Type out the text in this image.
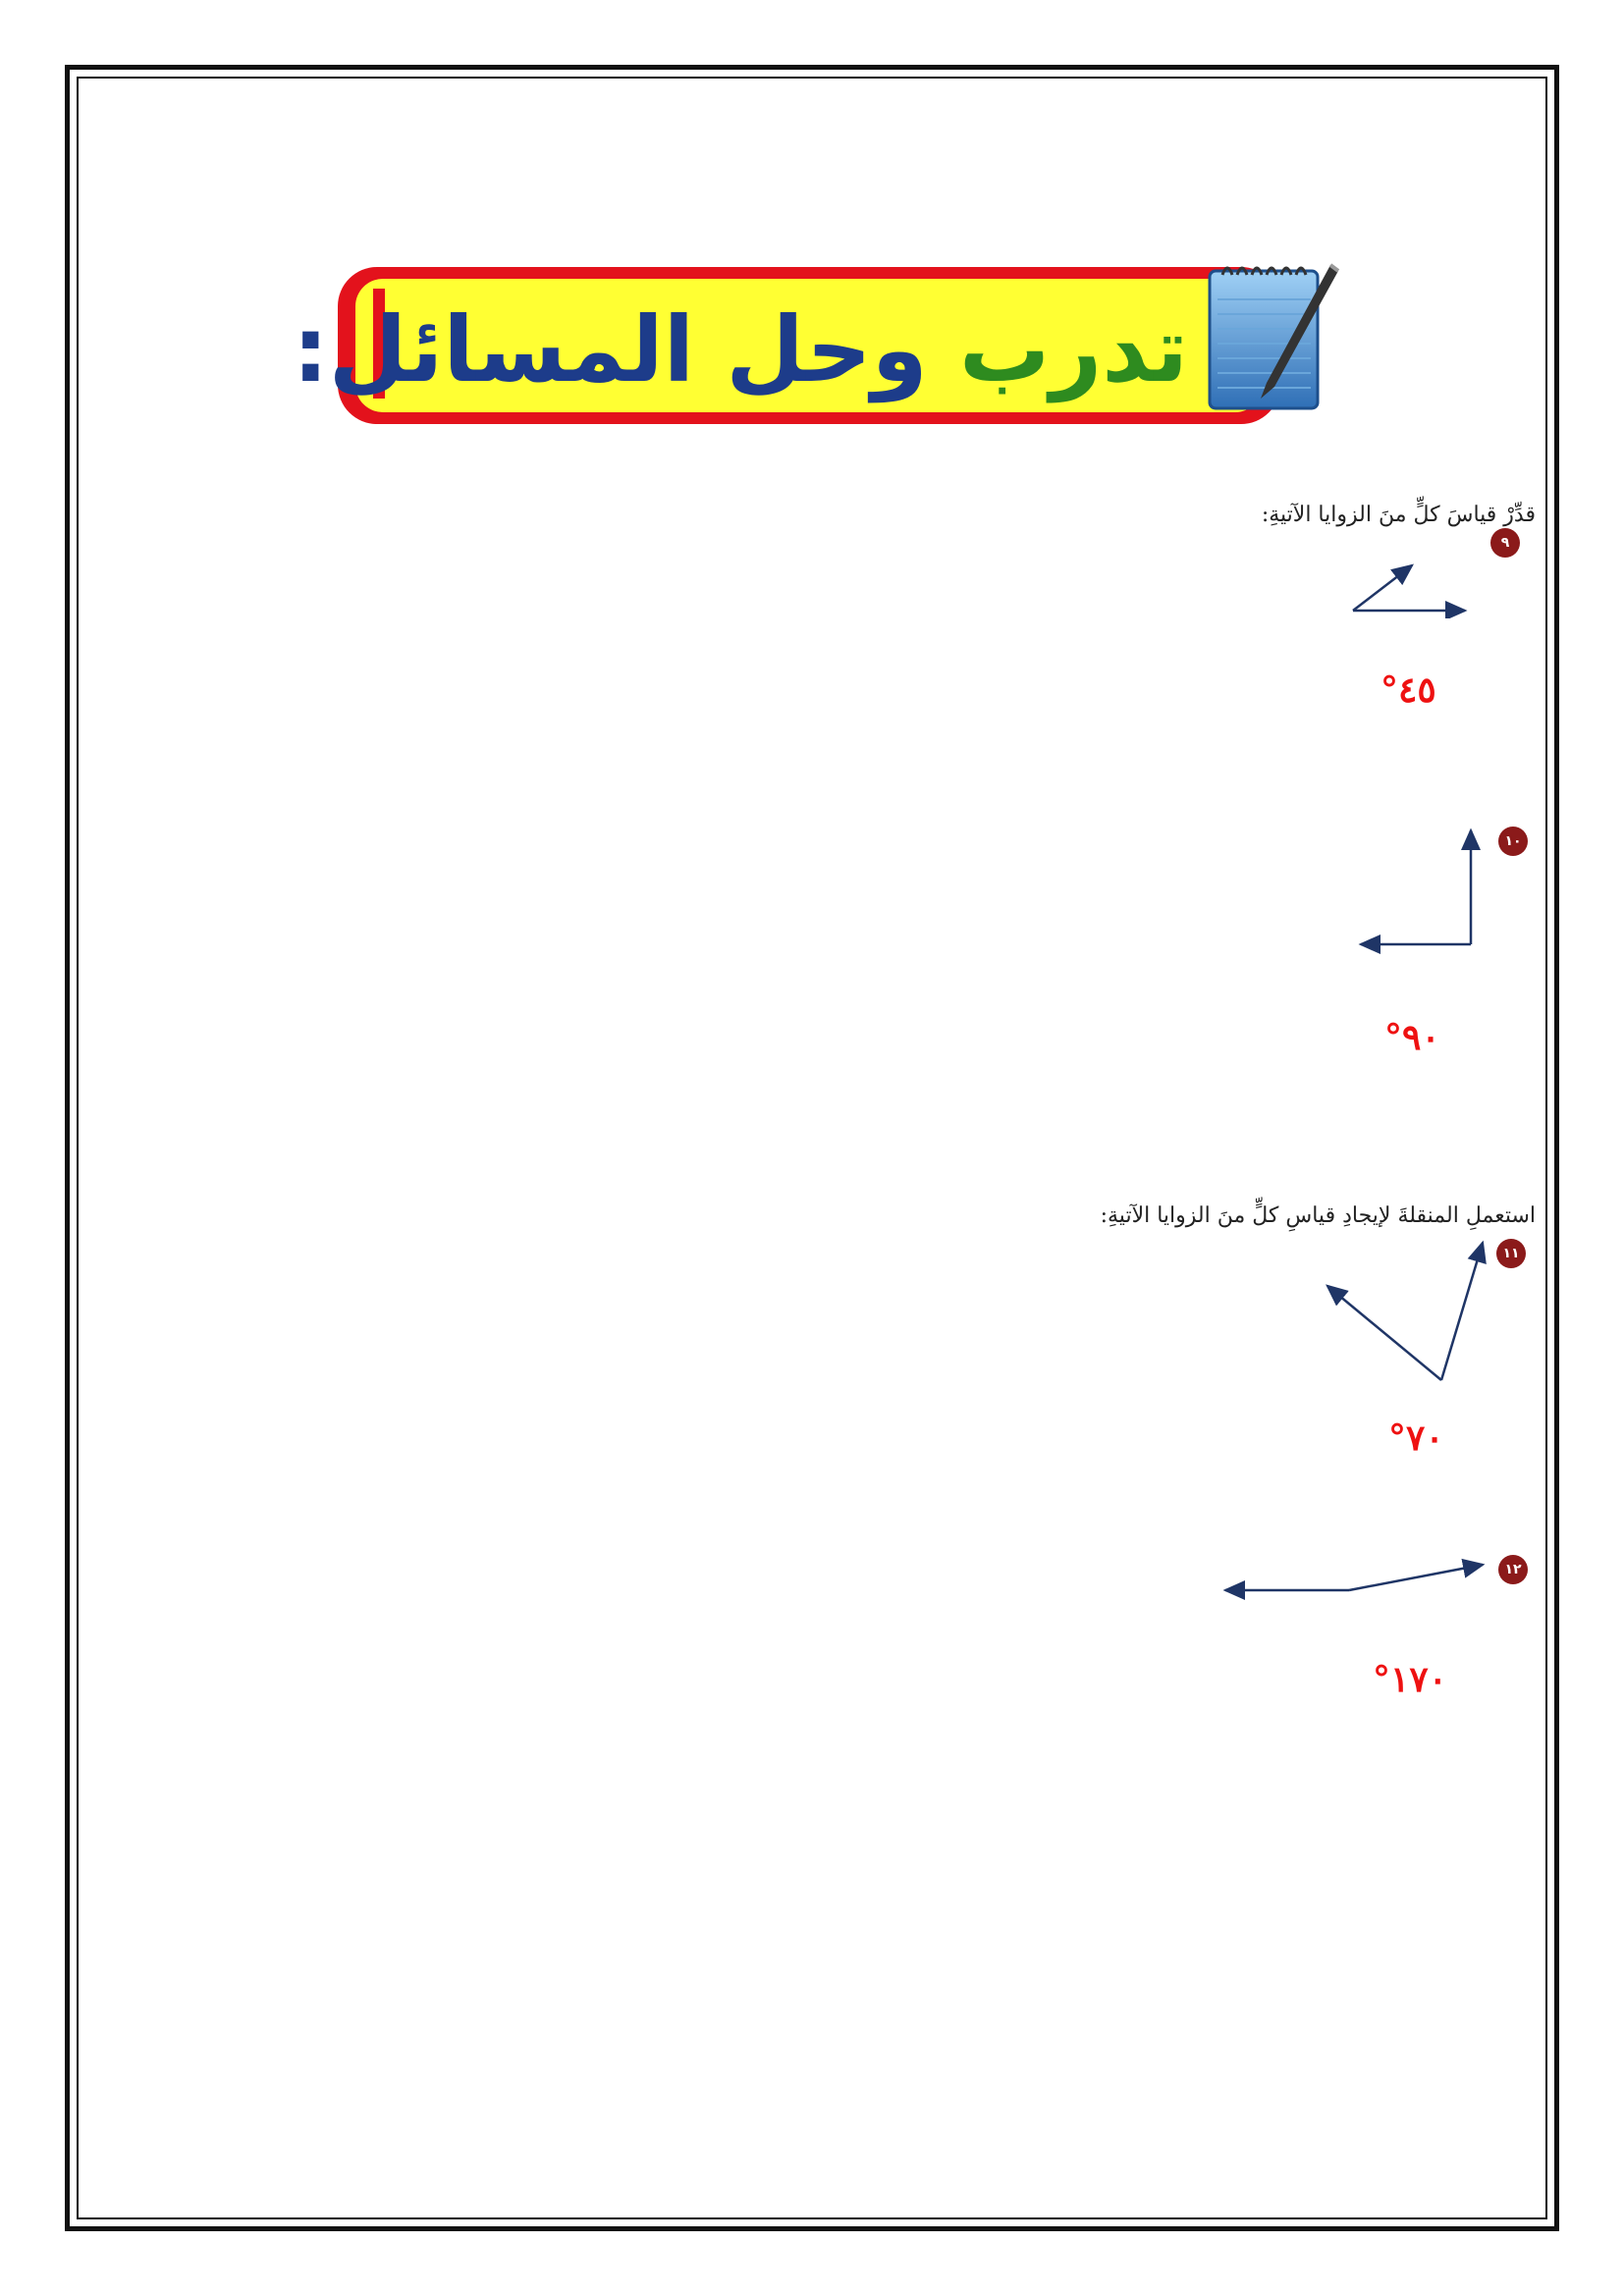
تدرب وحل المسائل:
قدِّرْ قياسَ كلٍّ منَ الزوايا الآتيةِ:
٩
٤٥°
١٠
٩٠°
استعملِ المنقلةَ لإيجادِ قياسِ كلٍّ منَ الزوايا الآتيةِ:
١١
٧٠°
١٢
١٧٠°
